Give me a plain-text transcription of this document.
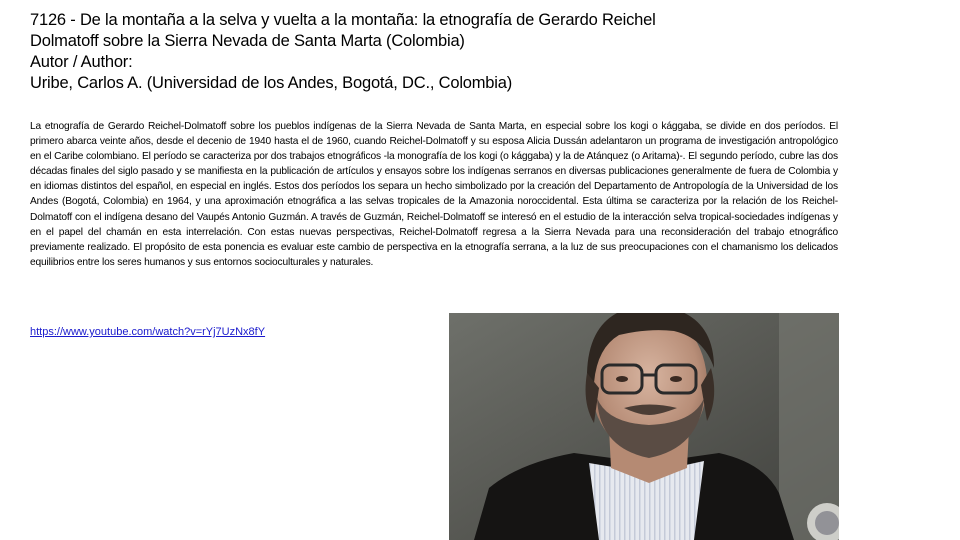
7126 - De la montaña a la selva y vuelta a la montaña: la etnografía de Gerardo Reichel
Dolmatoff sobre la Sierra Nevada de Santa Marta (Colombia)
Autor / Author:
Uribe, Carlos A. (Universidad de los Andes, Bogotá, DC., Colombia)

La etnografía de Gerardo Reichel-Dolmatoff sobre los pueblos indígenas de la Sierra Nevada de Santa Marta, en especial sobre los kogi o kággaba, se divide en dos períodos. El primero abarca veinte años, desde el decenio de 1940 hasta el de 1960, cuando Reichel-Dolmatoff y su esposa Alicia Dussán adelantaron un programa de investigación antropológico en el Caribe colombiano. El período se caracteriza por dos trabajos etnográficos -la monografía de los kogi (o kággaba) y la de Atánquez (o Aritama)-. El segundo período, cubre las dos décadas finales del siglo pasado y se manifiesta en la publicación de artículos y ensayos sobre los indígenas serranos en diversas publicaciones generalmente de fuera de Colombia y en idiomas distintos del español, en especial en inglés. Estos dos períodos los separa un hecho simbolizado por la creación del Departamento de Antropología de la Universidad de los Andes (Bogotá, Colombia) en 1964, y una aproximación etnográfica a las selvas tropicales de la Amazonia noroccidental. Esta última se caracteriza por la relación de los Reichel-Dolmatoff con el indígena desano del Vaupés Antonio Guzmán. A través de Guzmán, Reichel-Dolmatoff se interesó en el estudio de la interacción selva tropical-sociedades indígenas y en el papel del chamán en esta interrelación. Con estas nuevas perspectivas, Reichel-Dolmatoff regresa a la Sierra Nevada para una reconsideración del trabajo etnográfico previamente realizado. El propósito de esta ponencia es evaluar este cambio de perspectiva en la etnografía serrana, a la luz de sus preocupaciones con el chamanismo los delicados equilibrios entre los seres humanos y sus entornos socioculturales y naturales.

https://www.youtube.com/watch?v=rYj7UzNx8fY
